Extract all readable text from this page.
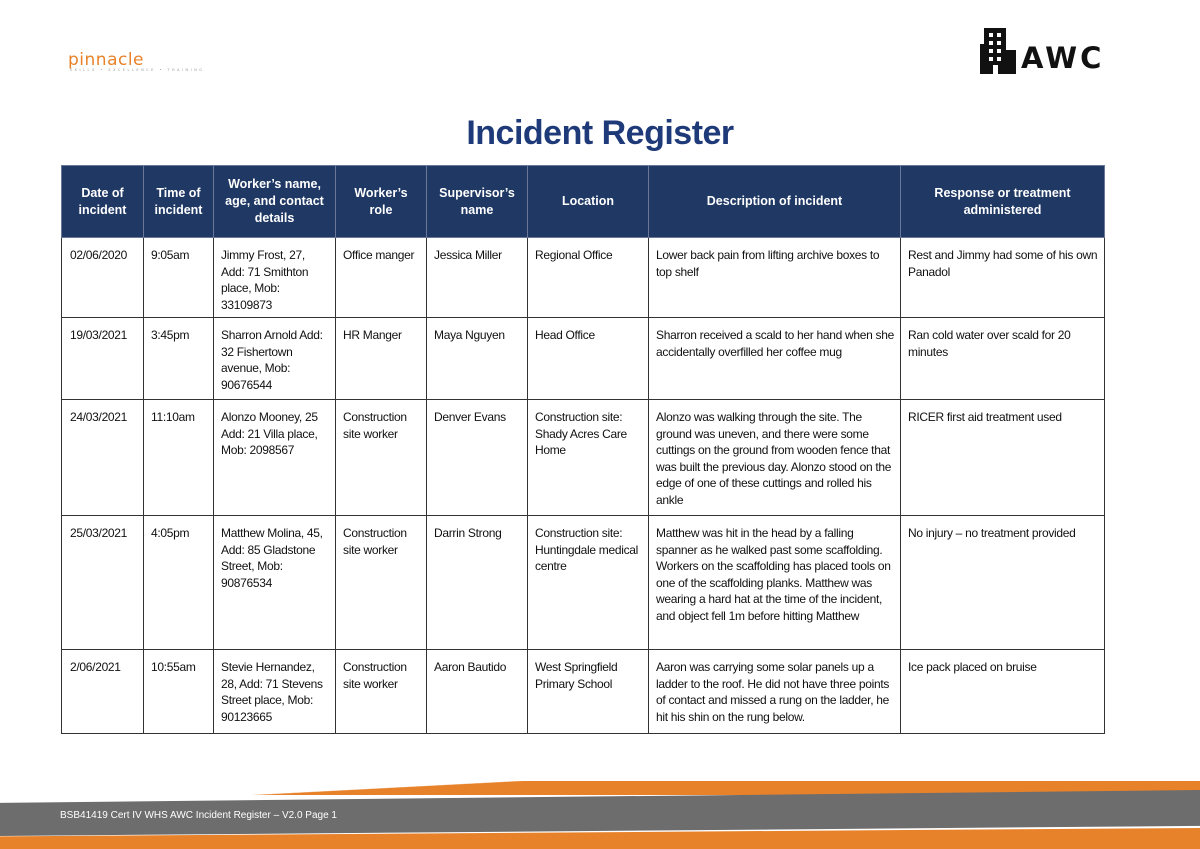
pinnacle
SKILLS • EXCELLENCE • TRAINING	AWC
Incident Register
Date of incident	Time of incident	Worker’s name, age, and contact details	Worker’s role	Supervisor’s name	Location	Description of incident	Response or treatment administered
02/06/2020	9:05am	Jimmy Frost, 27, Add: 71 Smithton place, Mob: 33109873	Office manger	Jessica Miller	Regional Office	Lower back pain from lifting archive boxes to top shelf	Rest and Jimmy had some of his own Panadol
19/03/2021	3:45pm	Sharron Arnold Add: 32 Fishertown avenue, Mob: 90676544	HR Manger	Maya Nguyen	Head Office	Sharron received a scald to her hand when she accidentally overfilled her coffee mug	Ran cold water over scald for 20 minutes
24/03/2021	11:10am	Alonzo Mooney, 25 Add: 21 Villa place, Mob: 2098567	Construction site worker	Denver Evans	Construction site: Shady Acres Care Home	Alonzo was walking through the site. The ground was uneven, and there were some cuttings on the ground from wooden fence that was built the previous day. Alonzo stood on the edge of one of these cuttings and rolled his ankle	RICER first aid treatment used
25/03/2021	4:05pm	Matthew Molina, 45, Add: 85 Gladstone Street, Mob: 90876534	Construction site worker	Darrin Strong	Construction site: Huntingdale medical centre	Matthew was hit in the head by a falling spanner as he walked past some scaffolding. Workers on the scaffolding has placed tools on one of the scaffolding planks. Matthew was wearing a hard hat at the time of the incident, and object fell 1m before hitting Matthew	No injury – no treatment provided
2/06/2021	10:55am	Stevie Hernandez, 28, Add: 71 Stevens Street place, Mob: 90123665	Construction site worker	Aaron Bautido	West Springfield Primary School	Aaron was carrying some solar panels up a ladder to the roof. He did not have three points of contact and missed a rung on the ladder, he hit his shin on the rung below.	Ice pack placed on bruise
BSB41419 Cert IV WHS AWC Incident Register – V2.0 Page 1
